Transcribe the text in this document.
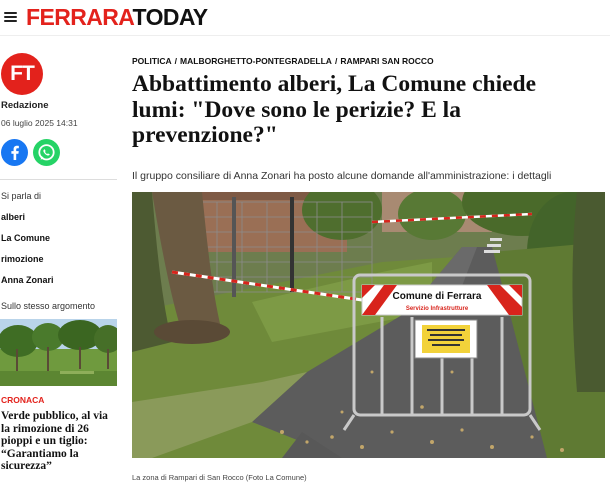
FERRARATODAY
FT
Redazione
06 luglio 2025 14:31
Si parla di
alberi
La Comune
rimozione
Anna Zonari
Sullo stesso argomento
CRONACA
Verde pubblico, al via la rimozione di 26 pioppi e un tiglio: “Garantiamo la sicurezza”
POLITICA / MALBORGHETTO-PONTEGRADELLA / RAMPARI SAN ROCCO
Abbattimento alberi, La Comune chiede lumi: "Dove sono le perizie? E la prevenzione?"

Il gruppo consiliare di Anna Zonari ha posto alcune domande all'amministrazione: i dettagli

Comune di Ferrara
Servizio Infrastrutture
La zona di Rampari di San Rocco (Foto La Comune)
